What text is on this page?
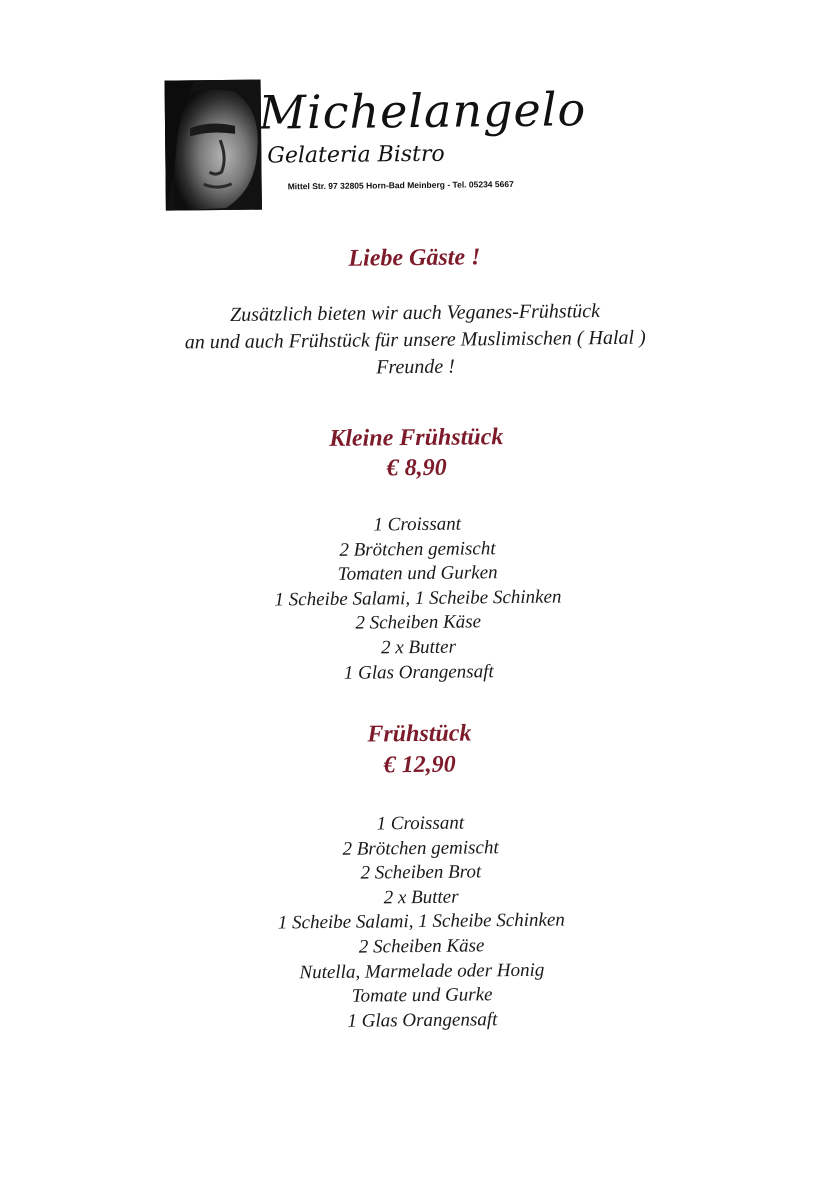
Michelangelo
Gelateria Bistro
Mittel Str. 97 32805 Horn-Bad Meinberg - Tel. 05234 5667
Liebe Gäste !
Zusätzlich bieten wir auch Veganes-Frühstück
an und auch Frühstück für unsere Muslimischen ( Halal )
Freunde !
Kleine Frühstück
€ 8,90
1 Croissant
2 Brötchen gemischt
Tomaten und Gurken
1 Scheibe Salami, 1 Scheibe Schinken
2 Scheiben Käse
2 x Butter
1 Glas Orangensaft
Frühstück
€ 12,90
1 Croissant
2 Brötchen gemischt
2 Scheiben Brot
2 x Butter
1 Scheibe Salami, 1 Scheibe Schinken
2 Scheiben Käse
Nutella, Marmelade oder Honig
Tomate und Gurke
1 Glas Orangensaft
